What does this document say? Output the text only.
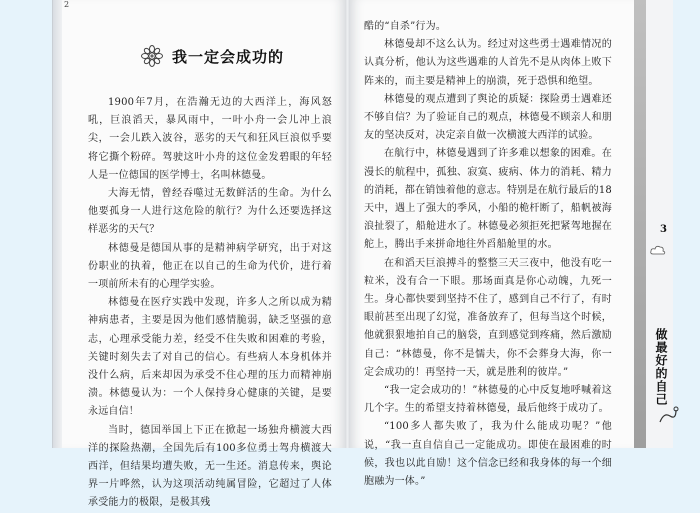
2
我一定会成功的

1900年7月，在浩瀚无边的大西洋上，海风怒吼，巨浪滔天，暴风雨中，一叶小舟一会儿冲上浪尖，一会儿跌入波谷，恶劣的天气和狂风巨浪似乎要将它撕个粉碎。驾驶这叶小舟的这位金发碧眼的年轻人是一位德国的医学博士，名叫林德曼。

大海无情，曾经吞噬过无数鲜活的生命。为什么他要孤身一人进行这危险的航行？为什么还要选择这样恶劣的天气？

林德曼是德国从事的是精神病学研究，出于对这份职业的执着，他正在以自己的生命为代价，进行着一项前所未有的心理学实验。

林德曼在医疗实践中发现，许多人之所以成为精神病患者，主要是因为他们感情脆弱，缺乏坚强的意志，心理承受能力差，经受不住失败和困难的考验，关键时刻失去了对自己的信心。有些病人本身机体并没什么病，后来却因为承受不住心理的压力而精神崩溃。林德曼认为：一个人保持身心健康的关键，是要永远自信！

当时，德国举国上下正在掀起一场独舟横渡大西洋的探险热潮，全国先后有100多位勇士驾舟横渡大西洋，但结果均遭失败，无一生还。消息传来，舆论界一片哗然，认为这项活动纯属冒险，它超过了人体承受能力的极限，是极其残

酷的“自杀”行为。

林德曼却不这么认为。经过对这些勇士遇难情况的认真分析，他认为这些遇难的人首先不是从肉体上败下阵来的，而主要是精神上的崩溃，死于恐惧和绝望。

林德曼的观点遭到了舆论的质疑：探险勇士遇难还不够自信？为了验证自己的观点，林德曼不顾亲人和朋友的坚决反对，决定亲自做一次横渡大西洋的试验。

在航行中，林德曼遇到了许多难以想象的困难。在漫长的航程中，孤独、寂寞、疲病、体力的消耗、精力的消耗，都在销蚀着他的意志。特别是在航行最后的18天中，遇上了强大的季风，小船的桅杆断了，船帆被海浪扯裂了，船舱进水了。林德曼必须拒死把紧驾地握在舵上，腾出手来拼命地往外舀船舱里的水。

在和滔天巨浪搏斗的整整三天三夜中，他没有吃一粒米，没有合一下眼。那场面真是你心动魄，九死一生。身心都快要到坚持不住了，感到自己不行了，有时眼前甚至出现了幻觉，准备放弃了，但每当这个时候，他就狠狠地拍自己的脑袋，直到感觉到疼痛，然后激励自己：“林德曼，你不是懦夫，你不会葬身大海，你一定会成功的！再坚持一天，就是胜利的彼岸。”

“我一定会成功的！”林德曼的心中反复地呼喊着这几个字。生的希望支持着林德曼，最后他终于成功了。

“100多人都失败了，我为什么能成功呢？”他说，“我一直自信自己一定能成功。即使在最困难的时候，我也以此自励！这个信念已经和我身体的每一个细胞融为一体。”

3
做最好的自己
